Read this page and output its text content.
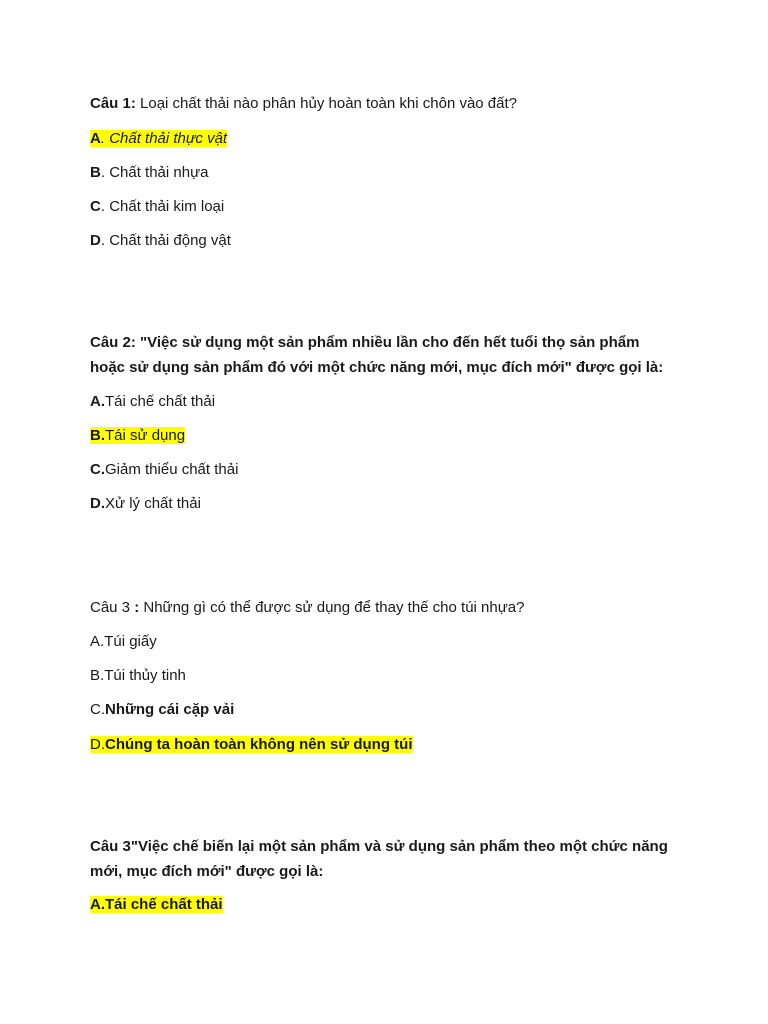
Câu 1: Loại chất thải nào phân hủy hoàn toàn khi chôn vào đất?
A. Chất thải thực vật
B. Chất thải nhựa
C. Chất thải kim loại
D. Chất thải động vật
Câu 2: "Việc sử dụng một sản phẩm nhiều lần cho đến hết tuổi thọ sản phẩm
hoặc sử dụng sản phẩm đó với một chức năng mới, mục đích mới" được gọi là:
A.Tái chế chất thải
B.Tái sử dụng
C.Giảm thiểu chất thải
D.Xử lý chất thải
Câu 3 : Những gì có thể được sử dụng để thay thế cho túi nhựa?
A.Túi giấy
B.Túi thủy tinh
C.Những cái cặp vải
D.Chúng ta hoàn toàn không nên sử dụng túi
Câu 3"Việc chế biến lại một sản phẩm và sử dụng sản phẩm theo một chức năng
mới, mục đích mới" được gọi là:
A.Tái chế chất thải
